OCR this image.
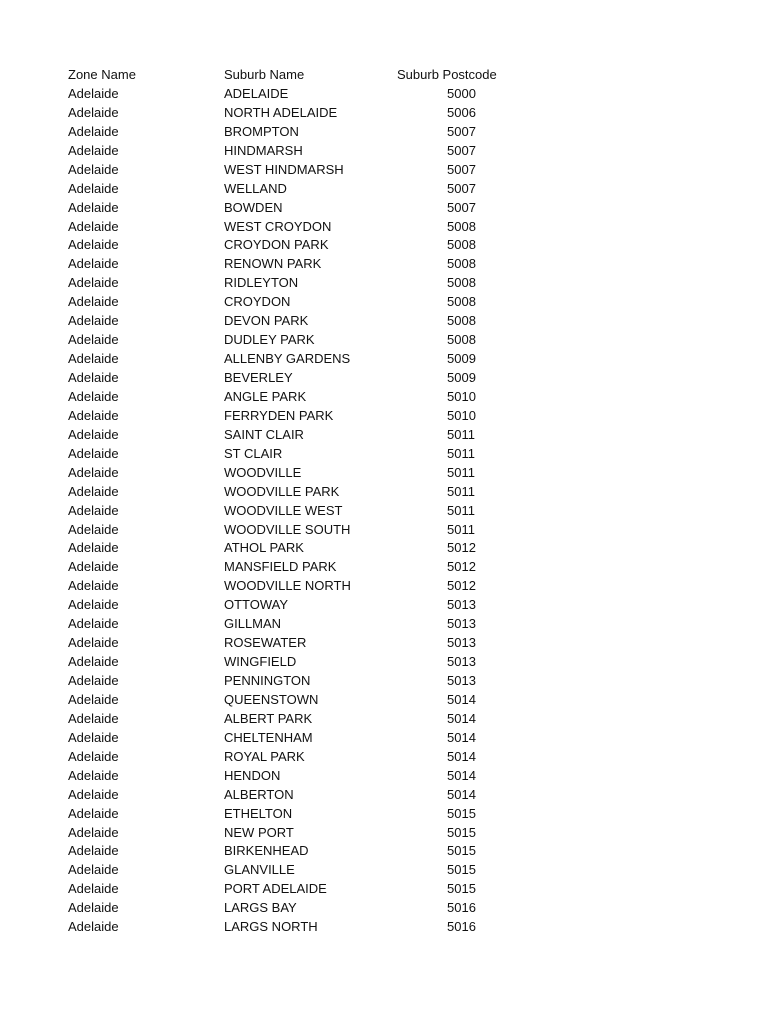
Zone Name	Suburb Name	Suburb Postcode
Adelaide	ADELAIDE	5000
Adelaide	NORTH ADELAIDE	5006
Adelaide	BROMPTON	5007
Adelaide	HINDMARSH	5007
Adelaide	WEST HINDMARSH	5007
Adelaide	WELLAND	5007
Adelaide	BOWDEN	5007
Adelaide	WEST CROYDON	5008
Adelaide	CROYDON PARK	5008
Adelaide	RENOWN PARK	5008
Adelaide	RIDLEYTON	5008
Adelaide	CROYDON	5008
Adelaide	DEVON PARK	5008
Adelaide	DUDLEY PARK	5008
Adelaide	ALLENBY GARDENS	5009
Adelaide	BEVERLEY	5009
Adelaide	ANGLE PARK	5010
Adelaide	FERRYDEN PARK	5010
Adelaide	SAINT CLAIR	5011
Adelaide	ST CLAIR	5011
Adelaide	WOODVILLE	5011
Adelaide	WOODVILLE PARK	5011
Adelaide	WOODVILLE WEST	5011
Adelaide	WOODVILLE SOUTH	5011
Adelaide	ATHOL PARK	5012
Adelaide	MANSFIELD PARK	5012
Adelaide	WOODVILLE NORTH	5012
Adelaide	OTTOWAY	5013
Adelaide	GILLMAN	5013
Adelaide	ROSEWATER	5013
Adelaide	WINGFIELD	5013
Adelaide	PENNINGTON	5013
Adelaide	QUEENSTOWN	5014
Adelaide	ALBERT PARK	5014
Adelaide	CHELTENHAM	5014
Adelaide	ROYAL PARK	5014
Adelaide	HENDON	5014
Adelaide	ALBERTON	5014
Adelaide	ETHELTON	5015
Adelaide	NEW PORT	5015
Adelaide	BIRKENHEAD	5015
Adelaide	GLANVILLE	5015
Adelaide	PORT ADELAIDE	5015
Adelaide	LARGS BAY	5016
Adelaide	LARGS NORTH	5016
